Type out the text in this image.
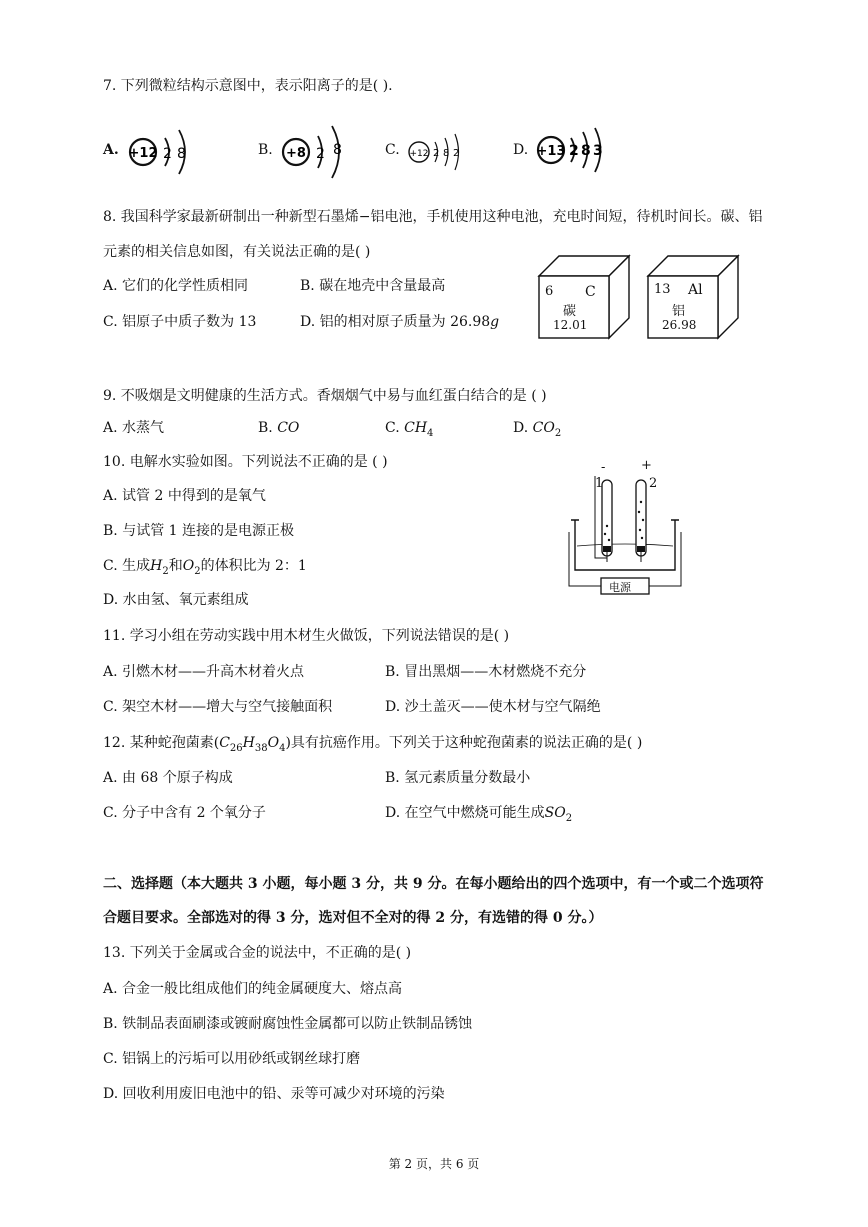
7. 下列微粒结构示意图中，表示阳离子的是( ).
A. +12 2 8	B. +8 2 8	C. +12 2 8 2	D. +13 2 8 3
8. 我国科学家最新研制出一种新型石墨烯−铝电池，手机使用这种电池，充电时间短，待机时间长。碳、铝
元素的相关信息如图，有关说法正确的是( )
A. 它们的化学性质相同	B. 碳在地壳中含量最高
C. 铝原子中质子数为 13	D. 铝的相对原子质量为 26.98g
6 C
碳
12.01
13 Al
铝
26.98
9. 不吸烟是文明健康的生活方式。香烟烟气中易与血红蛋白结合的是 ( )
A. 水蒸气	B. CO	C. $CH_4$	D. $CO_2$
10. 电解水实验如图。下列说法不正确的是 ( )
A. 试管 2 中得到的是氧气
B. 与试管 1 连接的是电源正极
C. 生成$H_2$和$O_2$的体积比为 2：1
D. 水由氢、氧元素组成
1	2
-	+
电源
11. 学习小组在劳动实践中用木材生火做饭，下列说法错误的是( )
A. 引燃木材——升高木材着火点	B. 冒出黑烟——木材燃烧不充分
C. 架空木材——增大与空气接触面积	D. 沙土盖灭——使木材与空气隔绝
12. 某种蛇孢菌素$(C_{26}H_{38}O_4)$具有抗癌作用。下列关于这种蛇孢菌素的说法正确的是( )
A. 由 68 个原子构成	B. 氢元素质量分数最小
C. 分子中含有 2 个氧分子	D. 在空气中燃烧可能生成$SO_2$
二、选择题（本大题共 3 小题，每小题 3 分，共 9 分。在每小题给出的四个选项中，有一个或二个选项符
合题目要求。全部选对的得 3 分，选对但不全对的得 2 分，有选错的得 0 分。）
13. 下列关于金属或合金的说法中，不正确的是( )
A. 合金一般比组成他们的纯金属硬度大、熔点高
B. 铁制品表面刷漆或镀耐腐蚀性金属都可以防止铁制品锈蚀
C. 铝锅上的污垢可以用砂纸或钢丝球打磨
D. 回收利用废旧电池中的铅、汞等可减少对环境的污染
第 2 页，共 6 页
